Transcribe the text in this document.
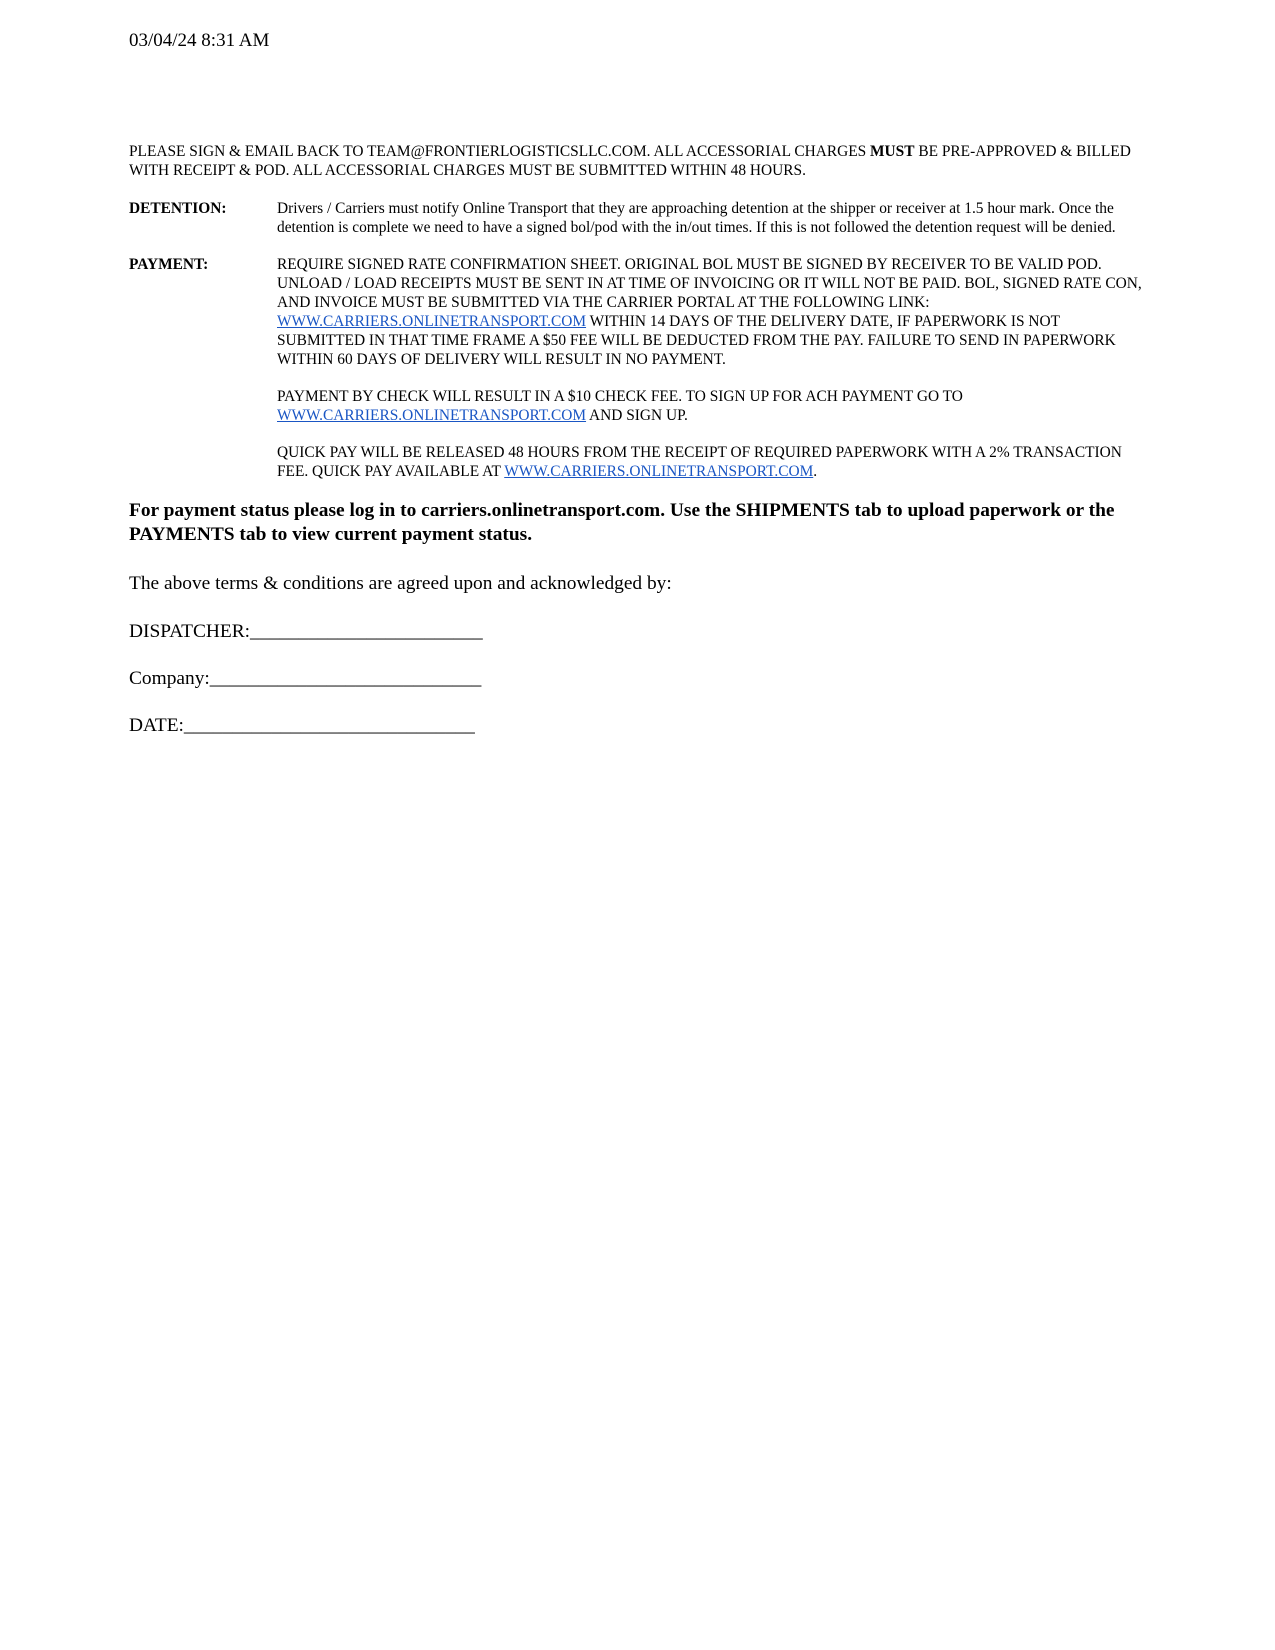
03/04/24 8:31 AM

PLEASE SIGN & EMAIL BACK TO TEAM@FRONTIERLOGISTICSLLC.COM. ALL ACCESSORIAL CHARGES MUST BE PRE-APPROVED & BILLED WITH RECEIPT & POD. ALL ACCESSORIAL CHARGES MUST BE SUBMITTED WITHIN 48 HOURS.

DETENTION:	Drivers / Carriers must notify Online Transport that they are approaching detention at the shipper or receiver at 1.5 hour mark. Once the detention is complete we need to have a signed bol/pod with the in/out times. If this is not followed the detention request will be denied.
PAYMENT:	REQUIRE SIGNED RATE CONFIRMATION SHEET. ORIGINAL BOL MUST BE SIGNED BY RECEIVER TO BE VALID POD. UNLOAD / LOAD RECEIPTS MUST BE SENT IN AT TIME OF INVOICING OR IT WILL NOT BE PAID. BOL, SIGNED RATE CON, AND INVOICE MUST BE SUBMITTED VIA THE CARRIER PORTAL AT THE FOLLOWING LINK: WWW.CARRIERS.ONLINETRANSPORT.COM WITHIN 14 DAYS OF THE DELIVERY DATE, IF PAPERWORK IS NOT SUBMITTED IN THAT TIME FRAME A $50 FEE WILL BE DEDUCTED FROM THE PAY. FAILURE TO SEND IN PAPERWORK WITHIN 60 DAYS OF DELIVERY WILL RESULT IN NO PAYMENT.

PAYMENT BY CHECK WILL RESULT IN A $10 CHECK FEE. TO SIGN UP FOR ACH PAYMENT GO TO WWW.CARRIERS.ONLINETRANSPORT.COM AND SIGN UP.

QUICK PAY WILL BE RELEASED 48 HOURS FROM THE RECEIPT OF REQUIRED PAPERWORK WITH A 2% TRANSACTION FEE. QUICK PAY AVAILABLE AT WWW.CARRIERS.ONLINETRANSPORT.COM.

For payment status please log in to carriers.onlinetransport.com. Use the SHIPMENTS tab to upload paperwork or the PAYMENTS tab to view current payment status.

The above terms & conditions are agreed upon and acknowledged by:

DISPATCHER:________________________

Company:____________________________

DATE:______________________________
